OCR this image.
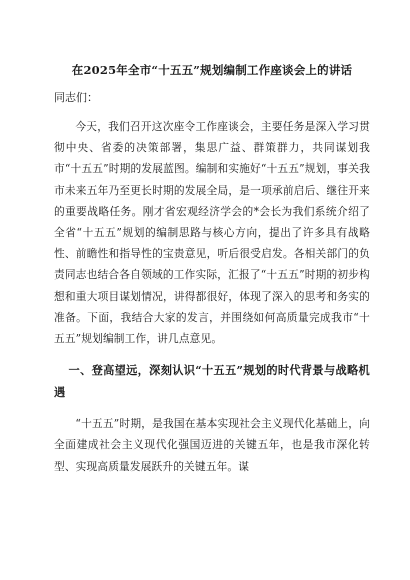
在2025年全市“十五五”规划编制工作座谈会上的讲话
同志们：

今天，我们召开这次座令工作座谈会，主要任务是深入学习贯彻中央、省委的决策部署，集思广益、群策群力，共同谋划我市“十五五”时期的发展蓝图。编制和实施好“十五五”规划，事关我市未来五年乃至更长时期的发展全局，是一项承前启后、继往开来的重要战略任务。刚才省宏观经济学会的*会长为我们系统介绍了全省“十五五”规划的编制思路与核心方向，提出了许多具有战略性、前瞻性和指导性的宝贵意见，听后很受启发。各相关部门的负责同志也结合各自领域的工作实际，汇报了“十五五”时期的初步构想和重大项目谋划情况，讲得都很好，体现了深入的思考和务实的准备。下面，我结合大家的发言，并围绕如何高质量完成我市“十五五”规划编制工作，讲几点意见。

一、登高望远，深刻认识“十五五”规划的时代背景与战略机遇

“十五五”时期，是我国在基本实现社会主义现代化基础上，向全面建成社会主义现代化强国迈进的关键五年，也是我市深化转型、实现高质量发展跃升的关键五年。谋
